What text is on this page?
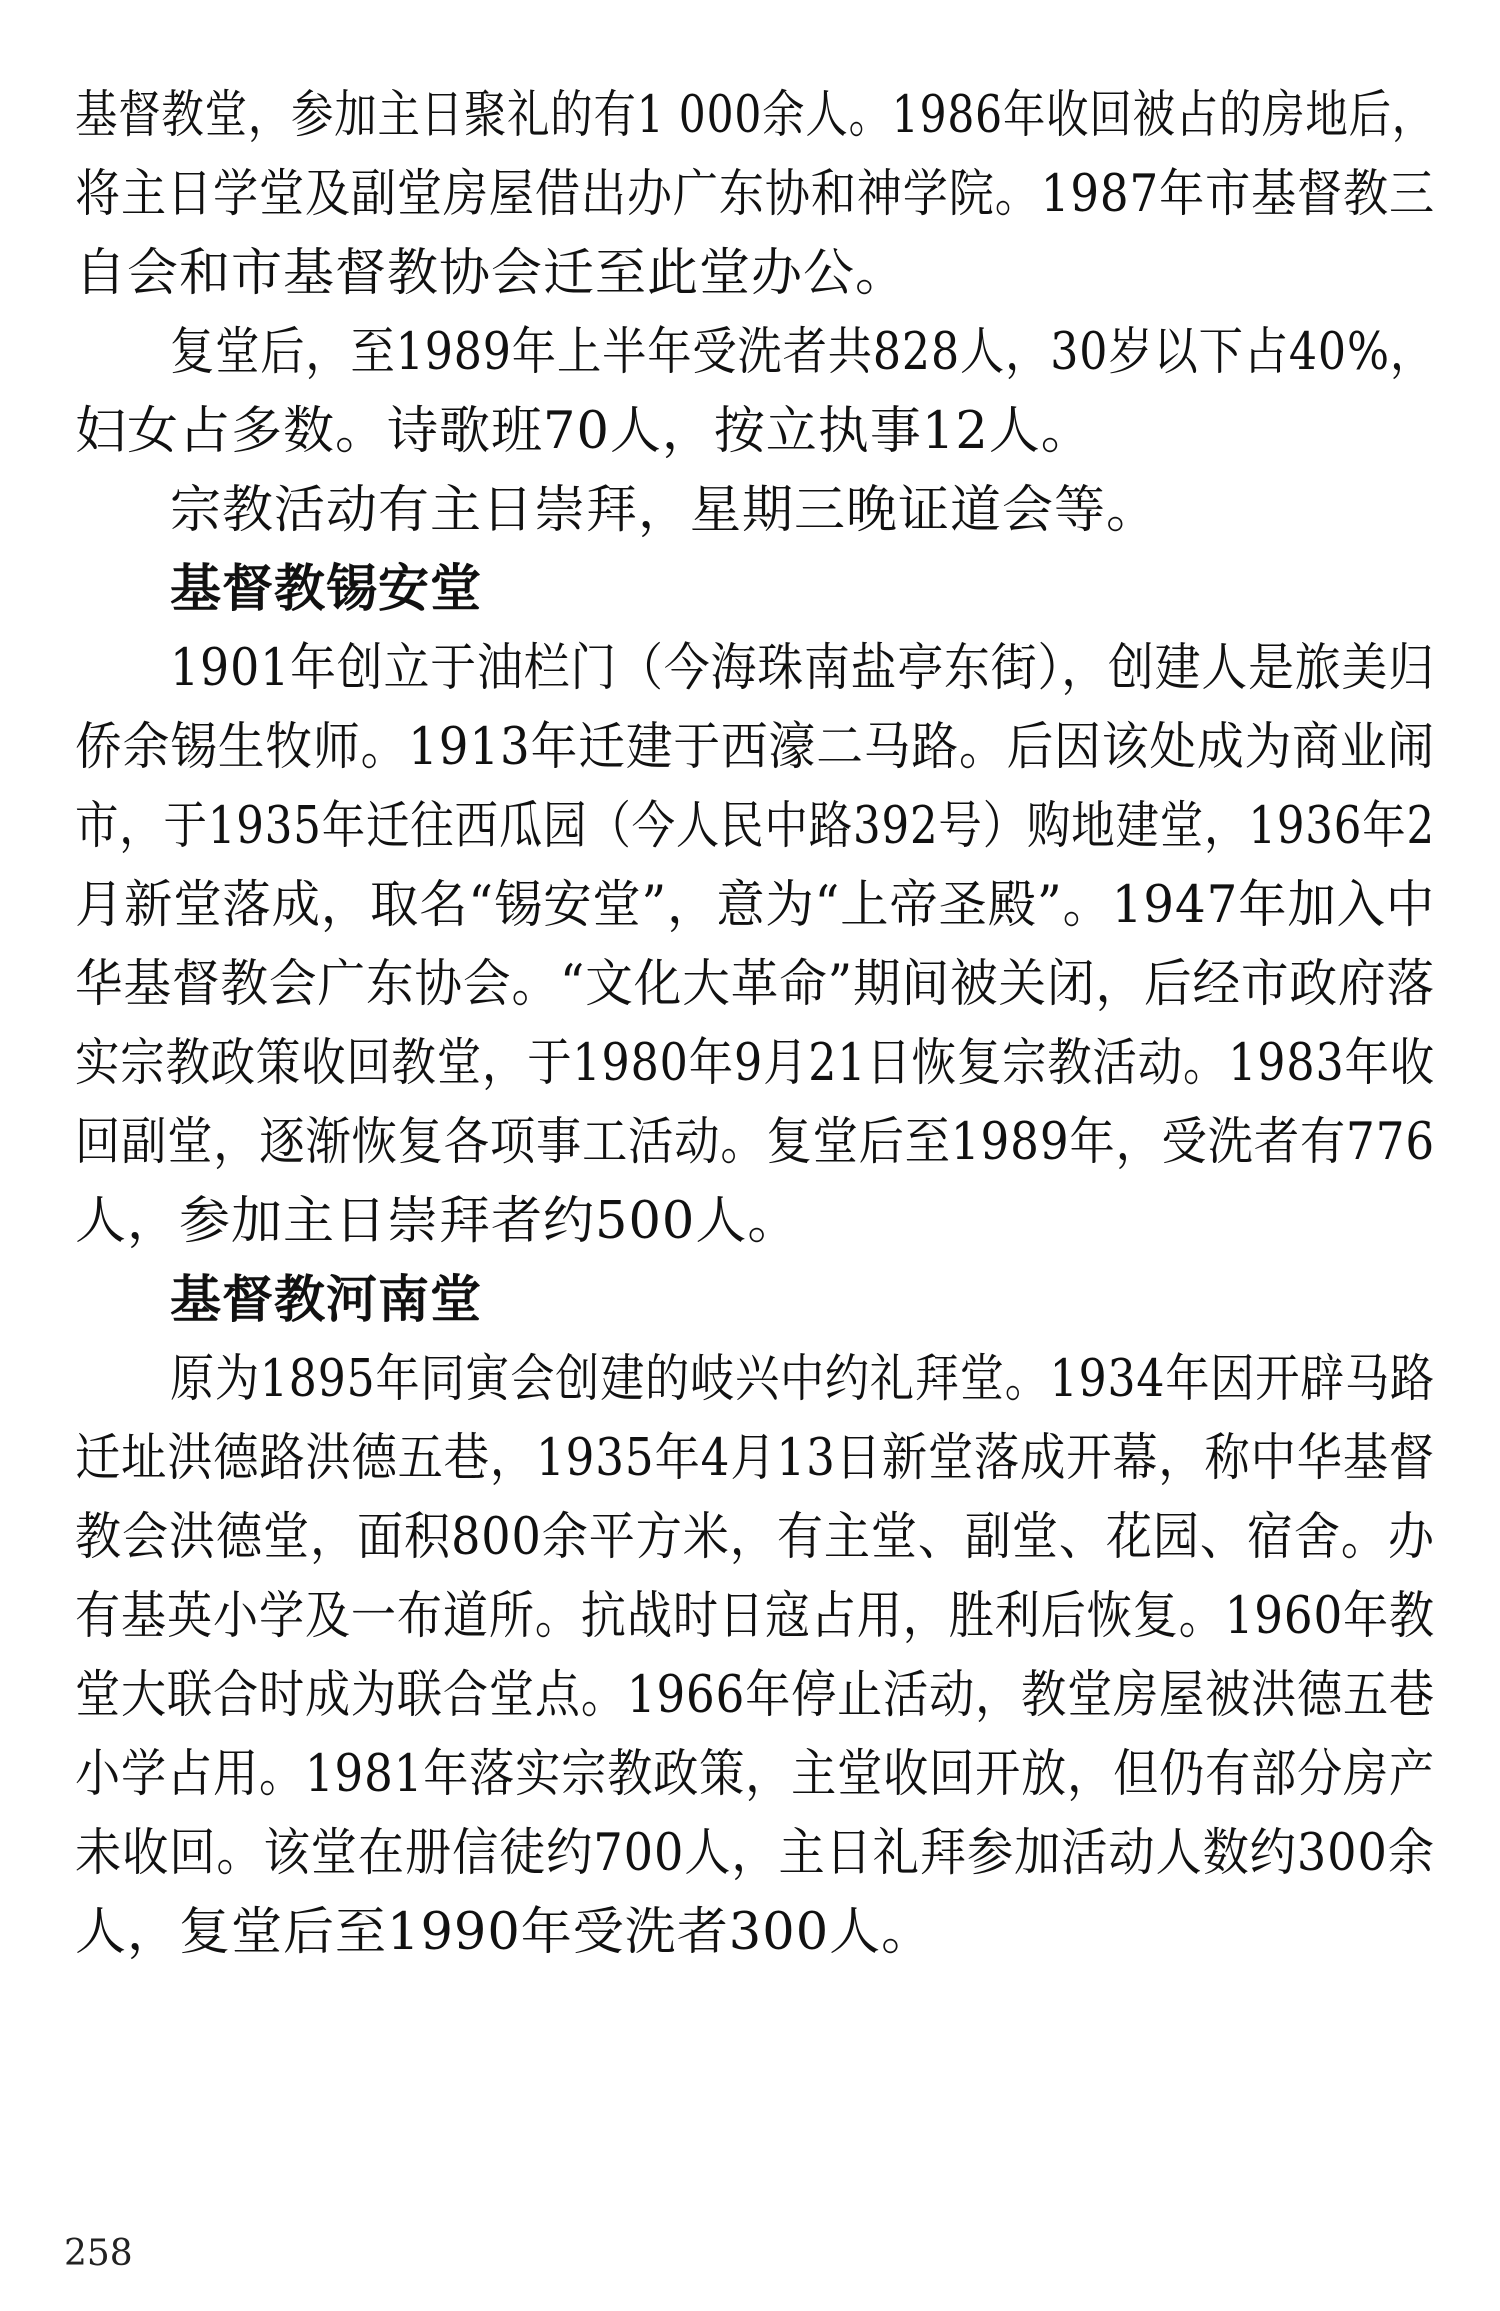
基督教堂，参加主日聚礼的有1 000余人。1986年收回被占的房地后，
将主日学堂及副堂房屋借出办广东协和神学院。1987年市基督教三
自会和市基督教协会迁至此堂办公。
复堂后，至1989年上半年受洗者共828人，30岁以下占40%，
妇女占多数。诗歌班70人，按立执事12人。
宗教活动有主日崇拜，星期三晚证道会等。
基督教锡安堂
1901年创立于油栏门（今海珠南盐亭东街），创建人是旅美归
侨余锡生牧师。1913年迁建于西濠二马路。后因该处成为商业闹
市，于1935年迁往西瓜园（今人民中路392号）购地建堂，1936年2
月新堂落成，取名“锡安堂”，意为“上帝圣殿”。1947年加入中
华基督教会广东协会。“文化大革命”期间被关闭，后经市政府落
实宗教政策收回教堂，于1980年9月21日恢复宗教活动。1983年收
回副堂，逐渐恢复各项事工活动。复堂后至1989年，受洗者有776
人，参加主日崇拜者约500人。
基督教河南堂
原为1895年同寅会创建的岐兴中约礼拜堂。1934年因开辟马路
迁址洪德路洪德五巷，1935年4月13日新堂落成开幕，称中华基督
教会洪德堂，面积800余平方米，有主堂、副堂、花园、宿舍。办
有基英小学及一布道所。抗战时日寇占用，胜利后恢复。1960年教
堂大联合时成为联合堂点。1966年停止活动，教堂房屋被洪德五巷
小学占用。1981年落实宗教政策，主堂收回开放，但仍有部分房产
未收回。该堂在册信徒约700人，主日礼拜参加活动人数约300余
人，复堂后至1990年受洗者300人。
258
